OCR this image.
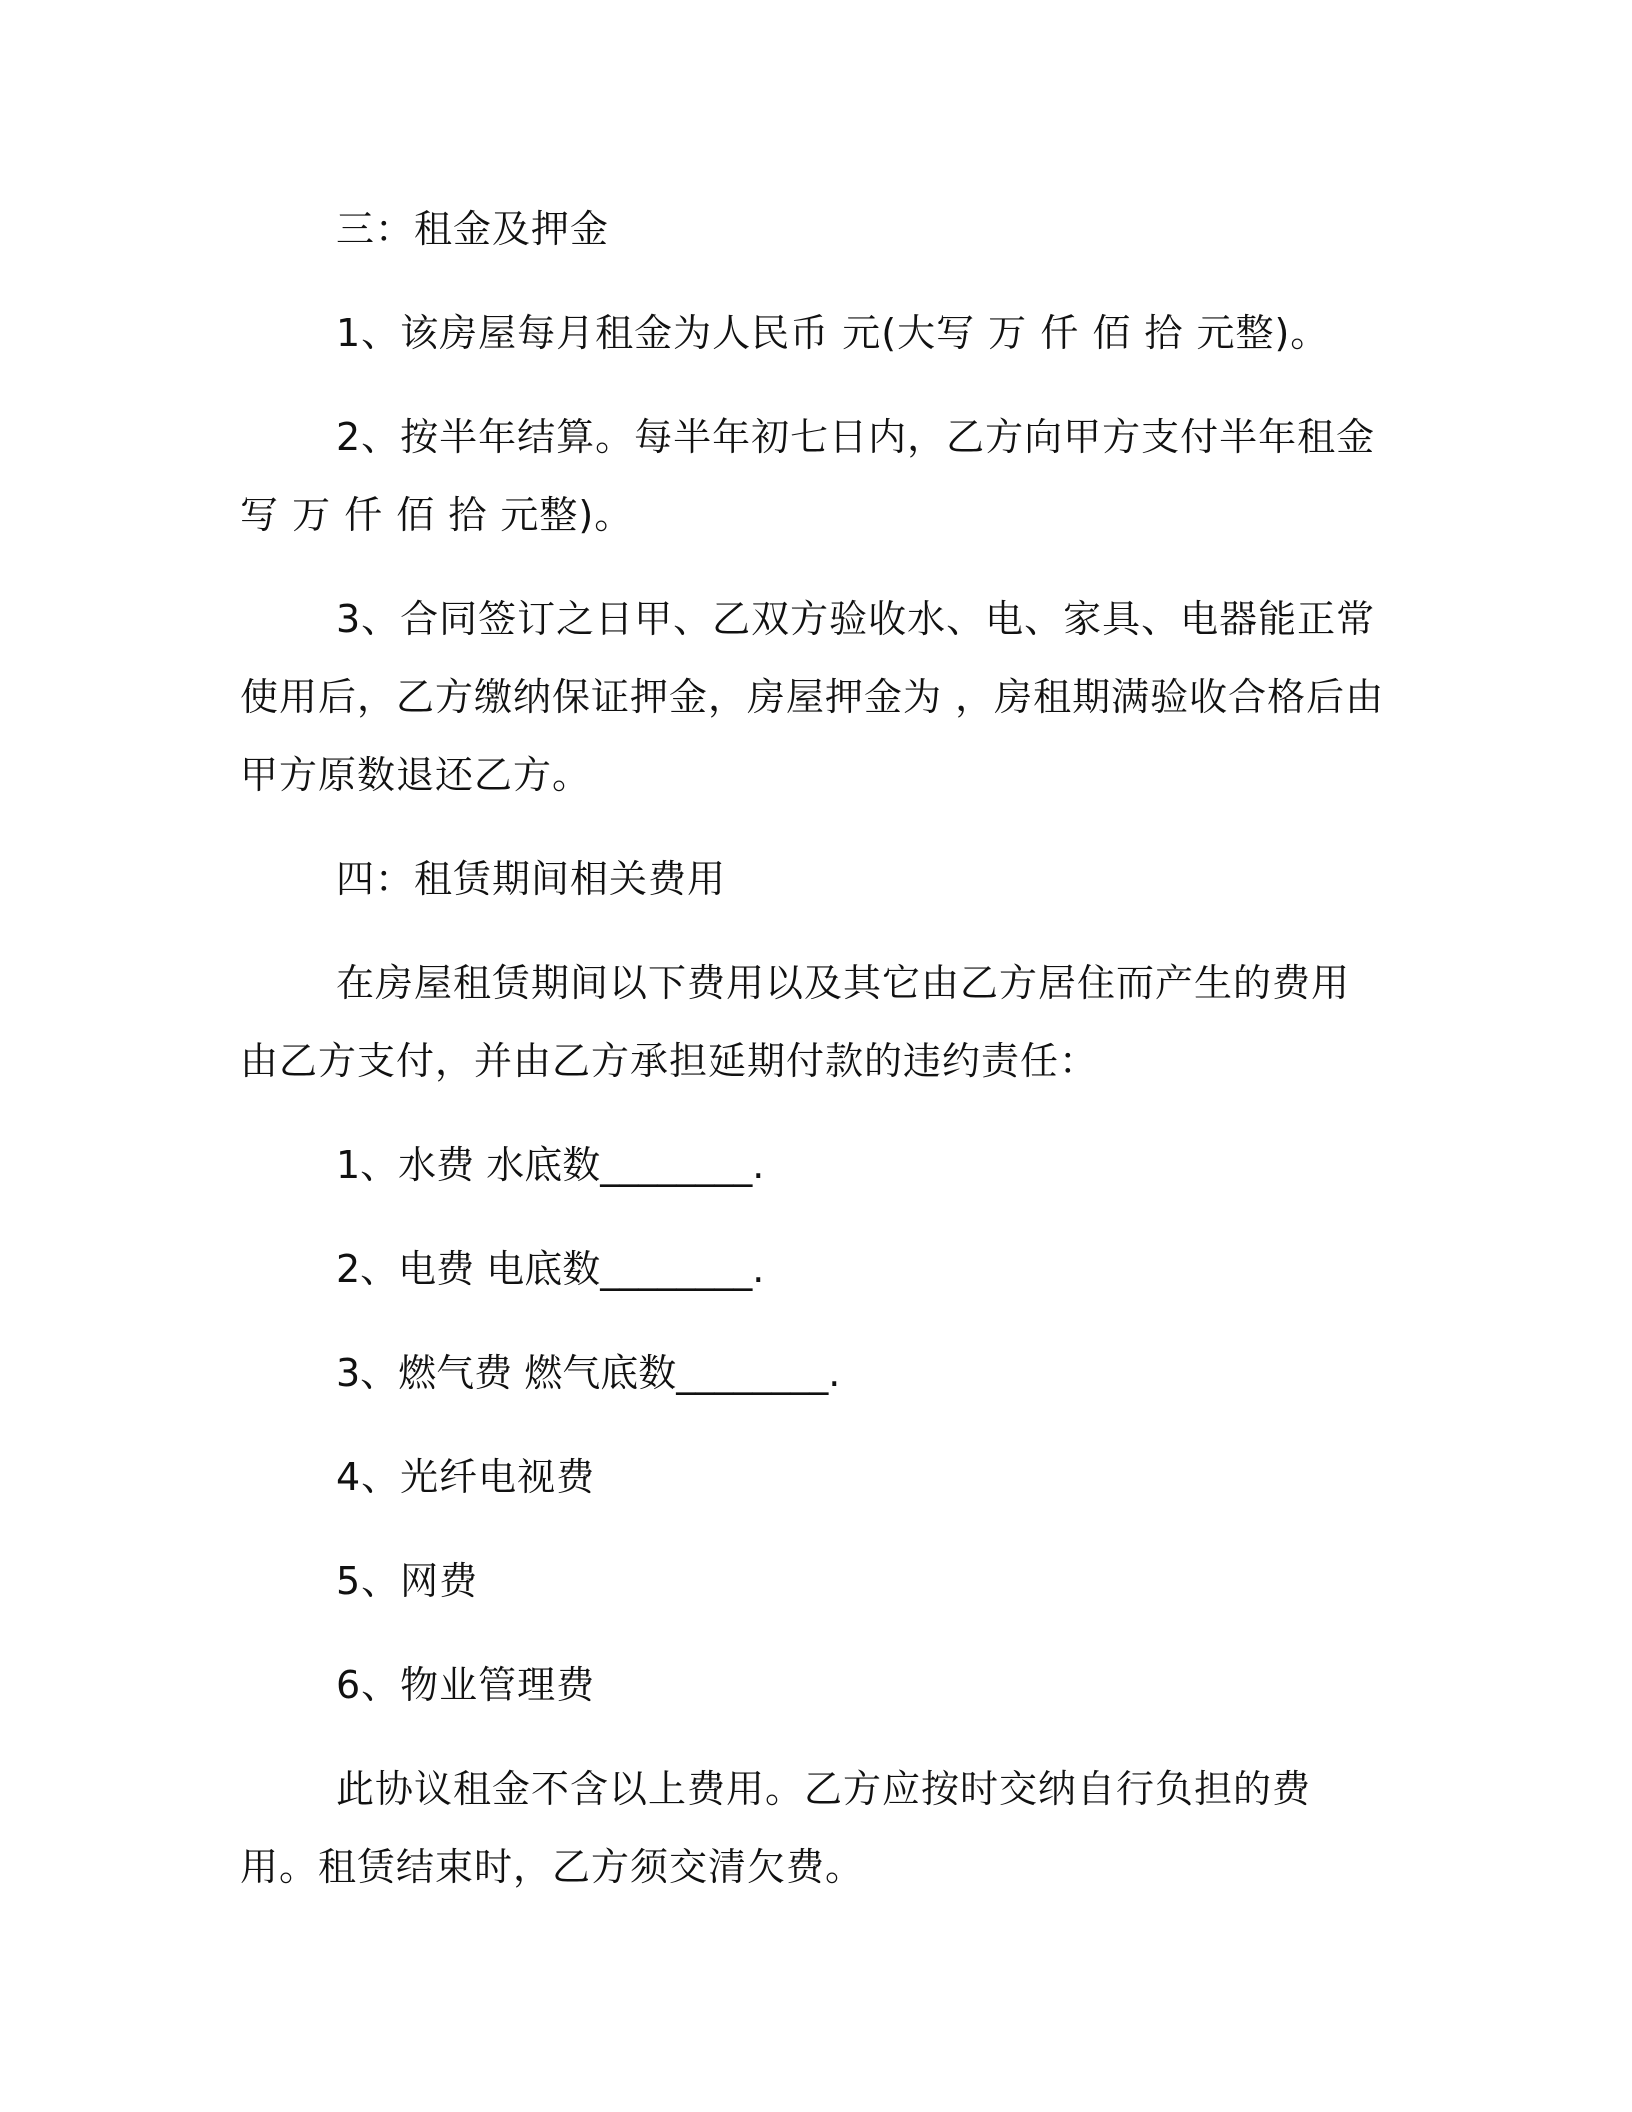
三：租金及押金

1、该房屋每月租金为人民币 元(大写 万 仟 佰 拾 元整)。

2、按半年结算。每半年初七日内，乙方向甲方支付半年租金写 万 仟 佰 拾 元整)。

3、合同签订之日甲、乙双方验收水、电、家具、电器能正常使用后，乙方缴纳保证押金，房屋押金为 ，房租期满验收合格后由甲方原数退还乙方。

四：租赁期间相关费用

在房屋租赁期间以下费用以及其它由乙方居住而产生的费用由乙方支付，并由乙方承担延期付款的违约责任：

1、水费 水底数________.

2、电费 电底数________.

3、燃气费 燃气底数________.

4、光纤电视费

5、网费

6、物业管理费

此协议租金不含以上费用。乙方应按时交纳自行负担的费用。租赁结束时，乙方须交清欠费。
